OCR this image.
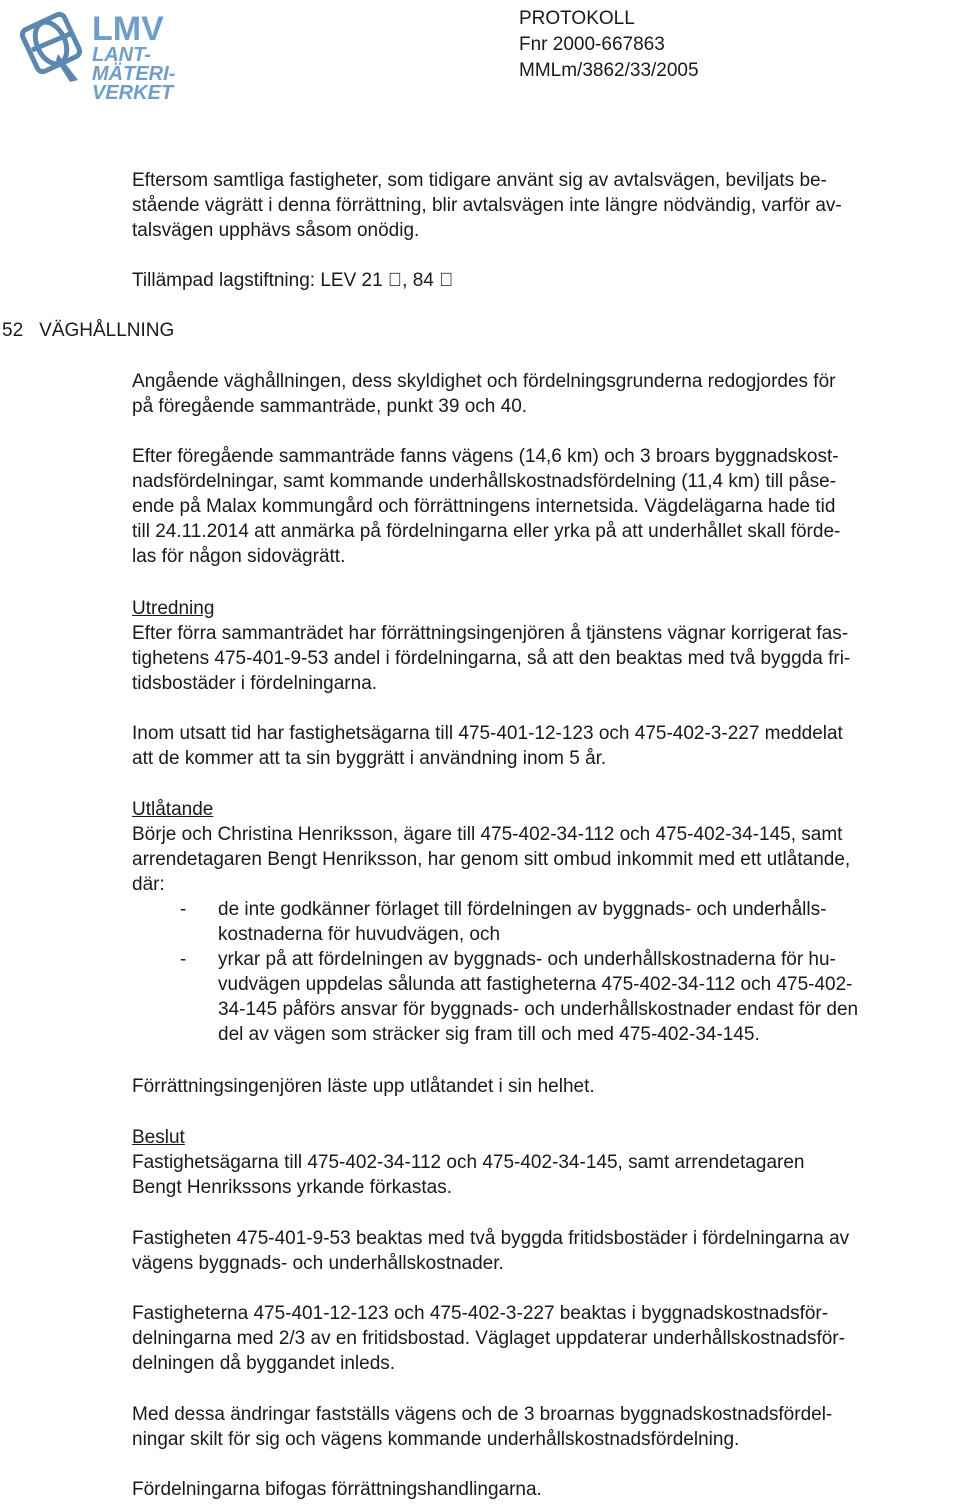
LMV
LANT-
MÄTERI-
VERKET
PROTOKOLL
Fnr 2000-667863
MMLm/3862/33/2005
Eftersom samtliga fastigheter, som tidigare använt sig av avtalsvägen, beviljats be-
stående vägrätt i denna förrättning, blir avtalsvägen inte längre nödvändig, varför av-
talsvägen upphävs såsom onödig.
Tillämpad lagstiftning: LEV 21 , 84
52 VÄGHÅLLNING
Angående väghållningen, dess skyldighet och fördelningsgrunderna redogjordes för
på föregående sammanträde, punkt 39 och 40.
Efter föregående sammanträde fanns vägens (14,6 km) och 3 broars byggnadskost-
nadsfördelningar, samt kommande underhållskostnadsfördelning (11,4 km) till påse-
ende på Malax kommungård och förrättningens internetsida. Vägdelägarna hade tid
till 24.11.2014 att anmärka på fördelningarna eller yrka på att underhållet skall förde-
las för någon sidovägrätt.
Utredning
Efter förra sammanträdet har förrättningsingenjören å tjänstens vägnar korrigerat fas-
tighetens 475-401-9-53 andel i fördelningarna, så att den beaktas med två byggda fri-
tidsbostäder i fördelningarna.
Inom utsatt tid har fastighetsägarna till 475-401-12-123 och 475-402-3-227 meddelat
att de kommer att ta sin byggrätt i användning inom 5 år.
Utlåtande
Börje och Christina Henriksson, ägare till 475-402-34-112 och 475-402-34-145, samt
arrendetagaren Bengt Henriksson, har genom sitt ombud inkommit med ett utlåtande,
där:
- de inte godkänner förlaget till fördelningen av byggnads- och underhålls-
kostnaderna för huvudvägen, och
- yrkar på att fördelningen av byggnads- och underhållskostnaderna för hu-
vudvägen uppdelas sålunda att fastigheterna 475-402-34-112 och 475-402-
34-145 påförs ansvar för byggnads- och underhållskostnader endast för den
del av vägen som sträcker sig fram till och med 475-402-34-145.
Förrättningsingenjören läste upp utlåtandet i sin helhet.
Beslut
Fastighetsägarna till 475-402-34-112 och 475-402-34-145, samt arrendetagaren
Bengt Henrikssons yrkande förkastas.
Fastigheten 475-401-9-53 beaktas med två byggda fritidsbostäder i fördelningarna av
vägens byggnads- och underhållskostnader.
Fastigheterna 475-401-12-123 och 475-402-3-227 beaktas i byggnadskostnadsför-
delningarna med 2/3 av en fritidsbostad. Väglaget uppdaterar underhållskostnadsför-
delningen då byggandet inleds.
Med dessa ändringar fastställs vägens och de 3 broarnas byggnadskostnadsfördel-
ningar skilt för sig och vägens kommande underhållskostnadsfördelning.
Fördelningarna bifogas förrättningshandlingarna.
